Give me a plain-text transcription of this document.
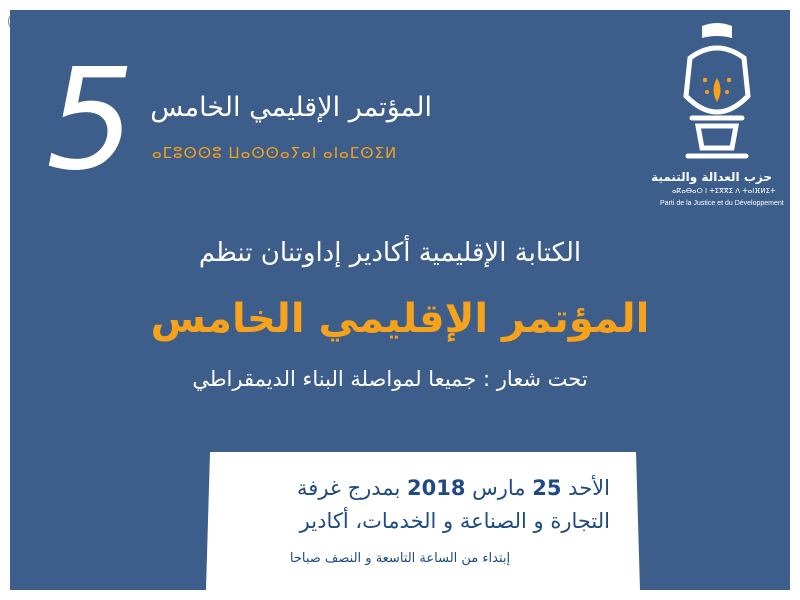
5 المؤتمر الإقليمي الخامس
ⴰⵎⵓⵙⵙⵓ ⵡⴰⵙⵙⴰⵢⴰⵏ ⴰⵏⴰⵎⵙⵉⵍ
حزب العدالة والتنمية
ⴰⴽⴰⴱⴰⵔ ⵏ ⵜⵉⴳⴳⵉ ⴷ ⵜⴰⵏⴼⵍⵉⵜ
Parti de la Justice et du Développement
الكتابة الإقليمية أكادير إداوتنان تنظم
المؤتمر الإقليمي الخامس
تحت شعار : جميعا لمواصلة البناء الديمقراطي
الأحد 25 مارس 2018 بمدرج غرفة
التجارة و الصناعة و الخدمات، أكادير
إبتداء من الساعة التاسعة و النصف صباحا
